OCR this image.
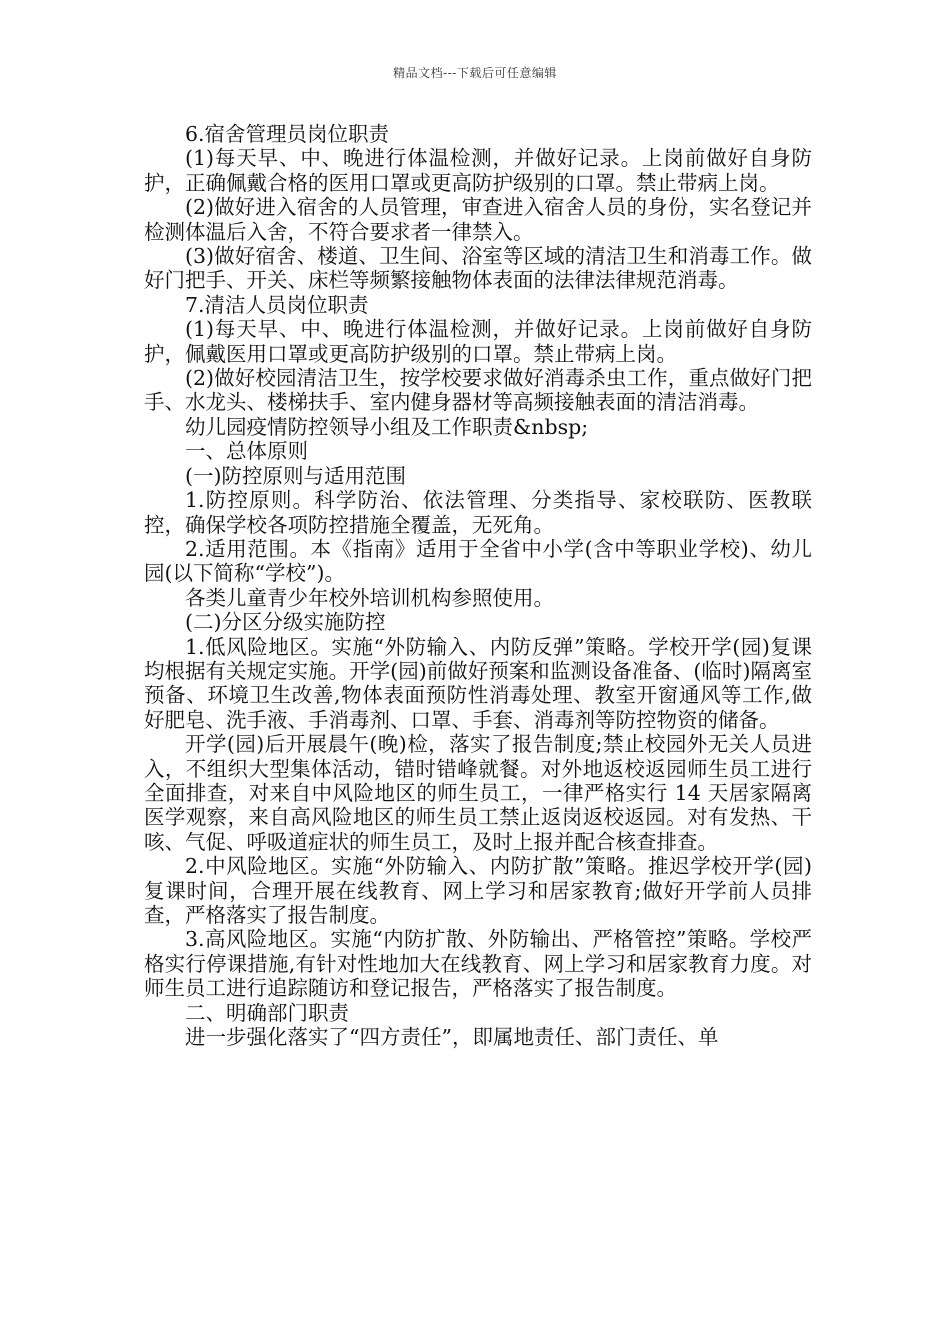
精品文档---下载后可任意编辑

6.宿舍管理员岗位职责

(1)每天早、中、晚进行体温检测，并做好记录。上岗前做好自身防护，正确佩戴合格的医用口罩或更高防护级别的口罩。禁止带病上岗。

(2)做好进入宿舍的人员管理，审查进入宿舍人员的身份，实名登记并检测体温后入舍，不符合要求者一律禁入。

(3)做好宿舍、楼道、卫生间、浴室等区域的清洁卫生和消毒工作。做好门把手、开关、床栏等频繁接触物体表面的法律法律规范消毒。

7.清洁人员岗位职责

(1)每天早、中、晚进行体温检测，并做好记录。上岗前做好自身防护，佩戴医用口罩或更高防护级别的口罩。禁止带病上岗。

(2)做好校园清洁卫生，按学校要求做好消毒杀虫工作，重点做好门把手、水龙头、楼梯扶手、室内健身器材等高频接触表面的清洁消毒。

幼儿园疫情防控领导小组及工作职责&nbsp;

一、总体原则

(一)防控原则与适用范围

1.防控原则。科学防治、依法管理、分类指导、家校联防、医教联控，确保学校各项防控措施全覆盖，无死角。

2.适用范围。本《指南》适用于全省中小学(含中等职业学校)、幼儿园(以下简称“学校”)。

各类儿童青少年校外培训机构参照使用。

(二)分区分级实施防控

1.低风险地区。实施“外防输入、内防反弹”策略。学校开学(园)复课均根据有关规定实施。开学(园)前做好预案和监测设备准备、(临时)隔离室预备、环境卫生改善,物体表面预防性消毒处理、教室开窗通风等工作,做好肥皂、洗手液、手消毒剂、口罩、手套、消毒剂等防控物资的储备。

开学(园)后开展晨午(晚)检，落实了报告制度;禁止校园外无关人员进入，不组织大型集体活动，错时错峰就餐。对外地返校返园师生员工进行全面排查，对来自中风险地区的师生员工，一律严格实行 14 天居家隔离医学观察，来自高风险地区的师生员工禁止返岗返校返园。对有发热、干咳、气促、呼吸道症状的师生员工，及时上报并配合核查排查。

2.中风险地区。实施“外防输入、内防扩散”策略。推迟学校开学(园)复课时间，合理开展在线教育、网上学习和居家教育;做好开学前人员排查，严格落实了报告制度。

3.高风险地区。实施“内防扩散、外防输出、严格管控”策略。学校严格实行停课措施,有针对性地加大在线教育、网上学习和居家教育力度。对师生员工进行追踪随访和登记报告，严格落实了报告制度。

二、明确部门职责

进一步强化落实了“四方责任”，即属地责任、部门责任、单
